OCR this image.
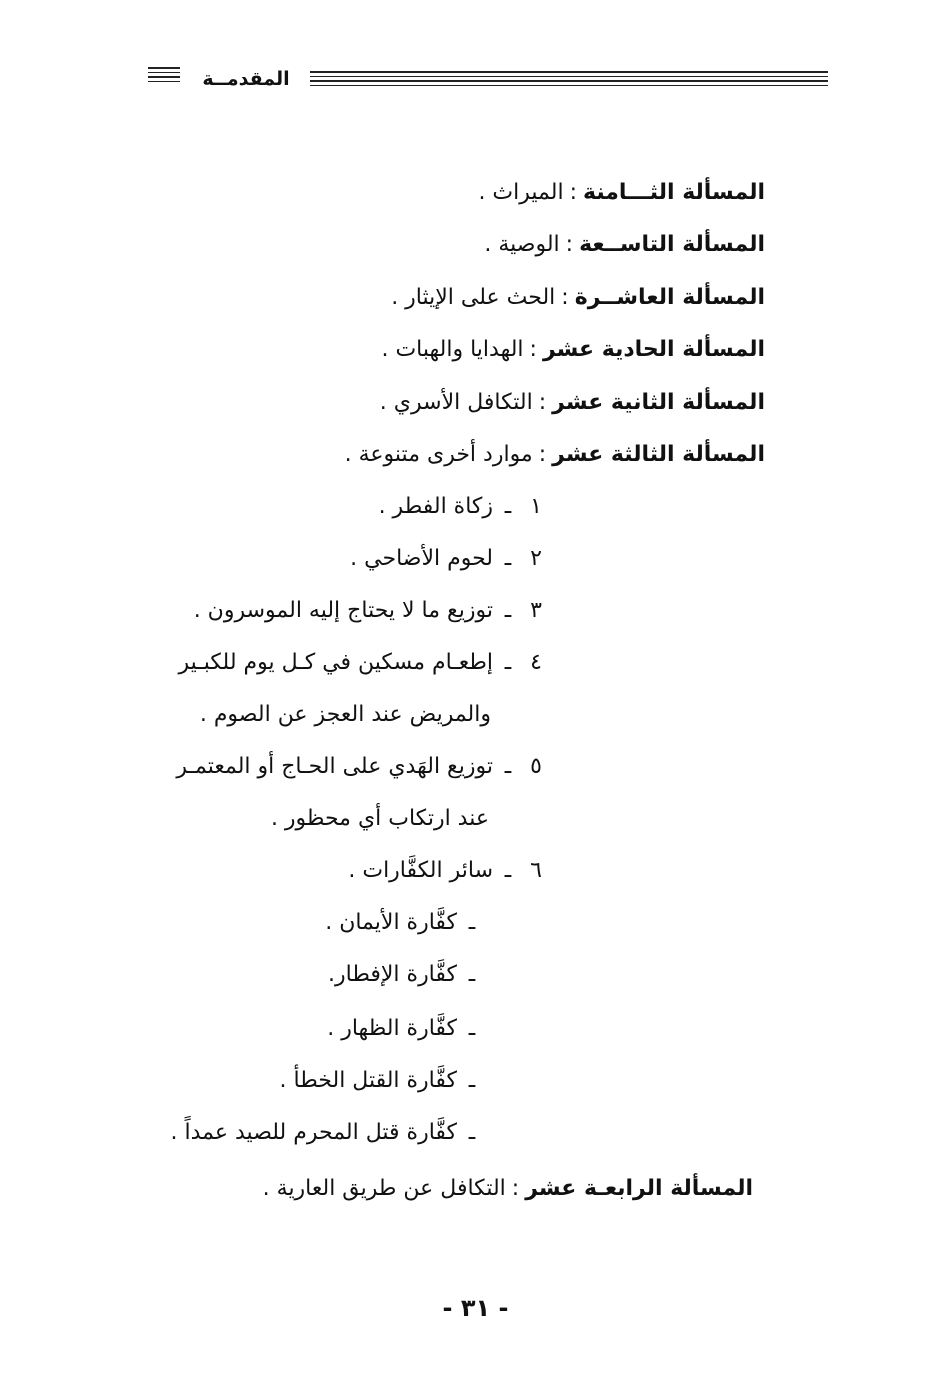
المقدمــة
المسألة الثـــامنة:الميراث .
المسألة التاســعة:الوصية .
المسألة العاشــرة:الحث على الإيثار .
المسألة الحادية عشر:الهدايا والهبات .
المسألة الثانية عشر:التكافل الأسري .
المسألة الثالثة عشر:موارد أخرى متنوعة .
١ـزكاة الفطر .
٢ـلحوم الأضاحي .
٣ـتوزيع ما لا يحتاج إليه الموسرون .
٤ـإطعـام مسكين في كـل يوم للكبـير
والمريض عند العجز عن الصوم .
٥ـتوزيع الهَدي على الحـاج أو المعتمـر
عند ارتكاب أي محظور .
٦ـسائر الكفَّارات .
ـكفَّارة الأيمان .
ـكفَّارة الإفطار.
ـكفَّارة الظهار .
ـكفَّارة القتل الخطأ .
ـكفَّارة قتل المحرم للصيد عمداً .
المسألة الرابعـة عشر:التكافل عن طريق العارية .
- ٣١ -
